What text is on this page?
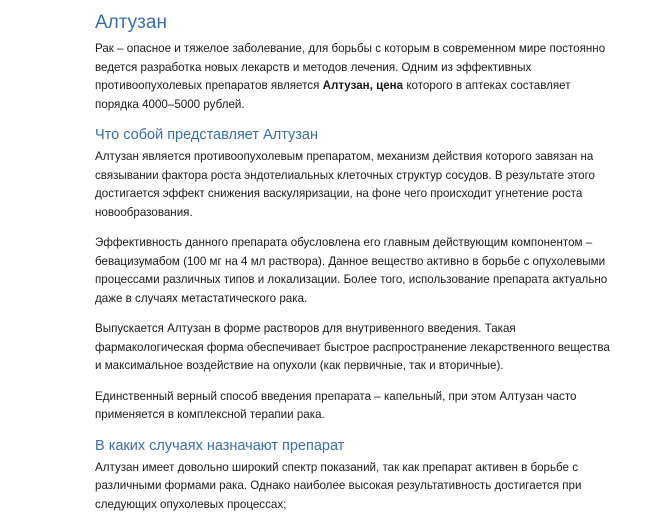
Алтузан

Рак – опасное и тяжелое заболевание, для борьбы с которым в современном мире постоянно ведется разработка новых лекарств и методов лечения. Одним из эффективных противоопухолевых препаратов является Алтузан, цена которого в аптеках составляет порядка 4000–5000 рублей.

Что собой представляет Алтузан

Алтузан является противоопухолевым препаратом, механизм действия которого завязан на связывании фактора роста эндотелиальных клеточных структур сосудов. В результате этого достигается эффект снижения васкуляризации, на фоне чего происходит угнетение роста новообразования.

Эффективность данного препарата обусловлена его главным действующим компонентом – бевацизумабом (100 мг на 4 мл раствора). Данное вещество активно в борьбе с опухолевыми процессами различных типов и локализации. Более того, использование препарата актуально даже в случаях метастатического рака.

Выпускается Алтузан в форме растворов для внутривенного введения. Такая фармакологическая форма обеспечивает быстрое распространение лекарственного вещества и максимальное воздействие на опухоли (как первичные, так и вторичные).

Единственный верный способ введения препарата – капельный, при этом Алтузан часто применяется в комплексной терапии рака.

В каких случаях назначают препарат

Алтузан имеет довольно широкий спектр показаний, так как препарат активен в борьбе с различными формами рака. Однако наиболее высокая результативность достигается при следующих опухолевых процессах;
